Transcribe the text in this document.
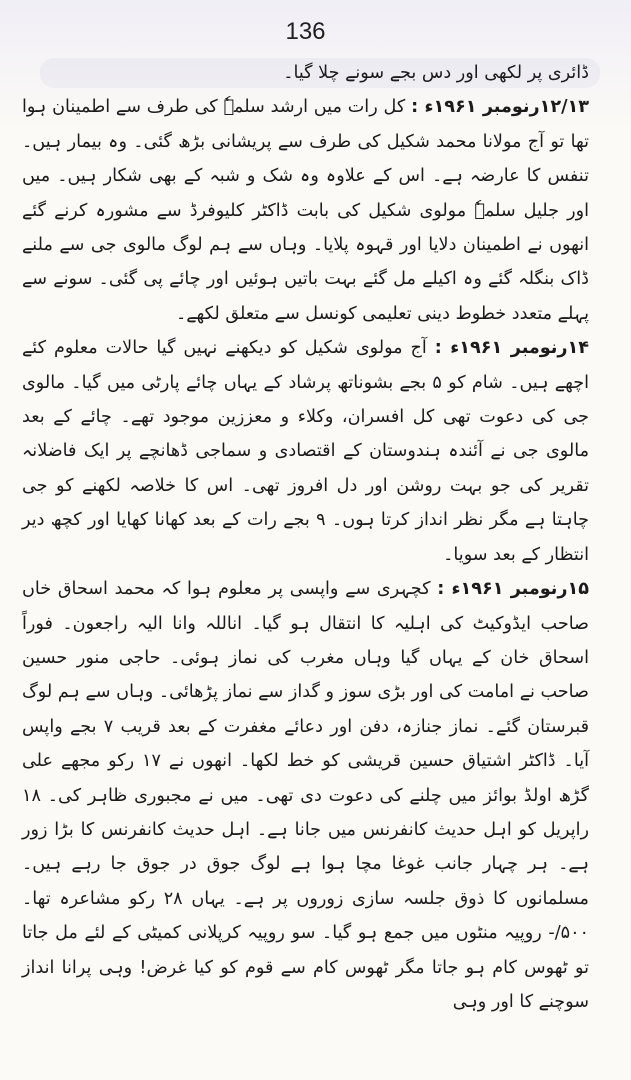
136

ڈائری پر لکھی اور دس بجے سونے چلا گیا۔

۱۲/۱۳رنومبر ۱۹۶۱ء : کل رات میں ارشد سلمہٗ کی طرف سے اطمینان ہوا تھا تو آج مولانا محمد شکیل کی طرف سے پریشانی بڑھ گئی۔ وہ بیمار ہیں۔ تنفس کا عارضہ ہے۔ اس کے علاوہ وہ شک و شبہ کے بھی شکار ہیں۔ میں اور جلیل سلمہٗ مولوی شکیل کی بابت ڈاکٹر کلیوفرڈ سے مشورہ کرنے گئے انھوں نے اطمینان دلایا اور قہوہ پلایا۔ وہاں سے ہم لوگ مالوی جی سے ملنے ڈاک بنگلہ گئے وہ اکیلے مل گئے بہت باتیں ہوئیں اور چائے پی گئی۔ سونے سے پہلے متعدد خطوط دینی تعلیمی کونسل سے متعلق لکھے۔

۱۴رنومبر ۱۹۶۱ء : آج مولوی شکیل کو دیکھنے نہیں گیا حالات معلوم کئے اچھے ہیں۔ شام کو ۵ بجے بشوناتھ پرشاد کے یہاں چائے پارٹی میں گیا۔ مالوی جی کی دعوت تھی کل افسران، وکلاء و معززین موجود تھے۔ چائے کے بعد مالوی جی نے آئندہ ہندوستان کے اقتصادی و سماجی ڈھانچے پر ایک فاضلانہ تقریر کی جو بہت روشن اور دل افروز تھی۔ اس کا خلاصہ لکھنے کو جی چاہتا ہے مگر نظر انداز کرتا ہوں۔ ۹ بجے رات کے بعد کھانا کھایا اور کچھ دیر انتظار کے بعد سویا۔

۱۵رنومبر ۱۹۶۱ء : کچہری سے واپسی پر معلوم ہوا کہ محمد اسحاق خاں صاحب ایڈوکیٹ کی اہلیہ کا انتقال ہو گیا۔ اناللہ وانا الیہ راجعون۔ فوراً اسحاق خان کے یہاں گیا وہاں مغرب کی نماز ہوئی۔ حاجی منور حسین صاحب نے امامت کی اور بڑی سوز و گداز سے نماز پڑھائی۔ وہاں سے ہم لوگ قبرستان گئے۔ نماز جنازہ، دفن اور دعائے مغفرت کے بعد قریب ۷ بجے واپس آیا۔ ڈاکٹر اشتیاق حسین قریشی کو خط لکھا۔ انھوں نے ۱۷ رکو مجھے علی گڑھ اولڈ بوائز میں چلنے کی دعوت دی تھی۔ میں نے مجبوری ظاہر کی۔ ۱۸ راپریل کو اہل حدیث کانفرنس میں جانا ہے۔ اہل حدیث کانفرنس کا بڑا زور ہے۔ ہر چہار جانب غوغا مچا ہوا ہے لوگ جوق در جوق جا رہے ہیں۔ مسلمانوں کا ذوق جلسہ سازی زوروں پر ہے۔ یہاں ۲۸ رکو مشاعرہ تھا۔ ۵۰۰/- روپیہ منٹوں میں جمع ہو گیا۔ سو روپیہ کرپلانی کمیٹی کے لئے مل جاتا تو ٹھوس کام ہو جاتا مگر ٹھوس کام سے قوم کو کیا غرض! وہی پرانا انداز سوچنے کا اور وہی
